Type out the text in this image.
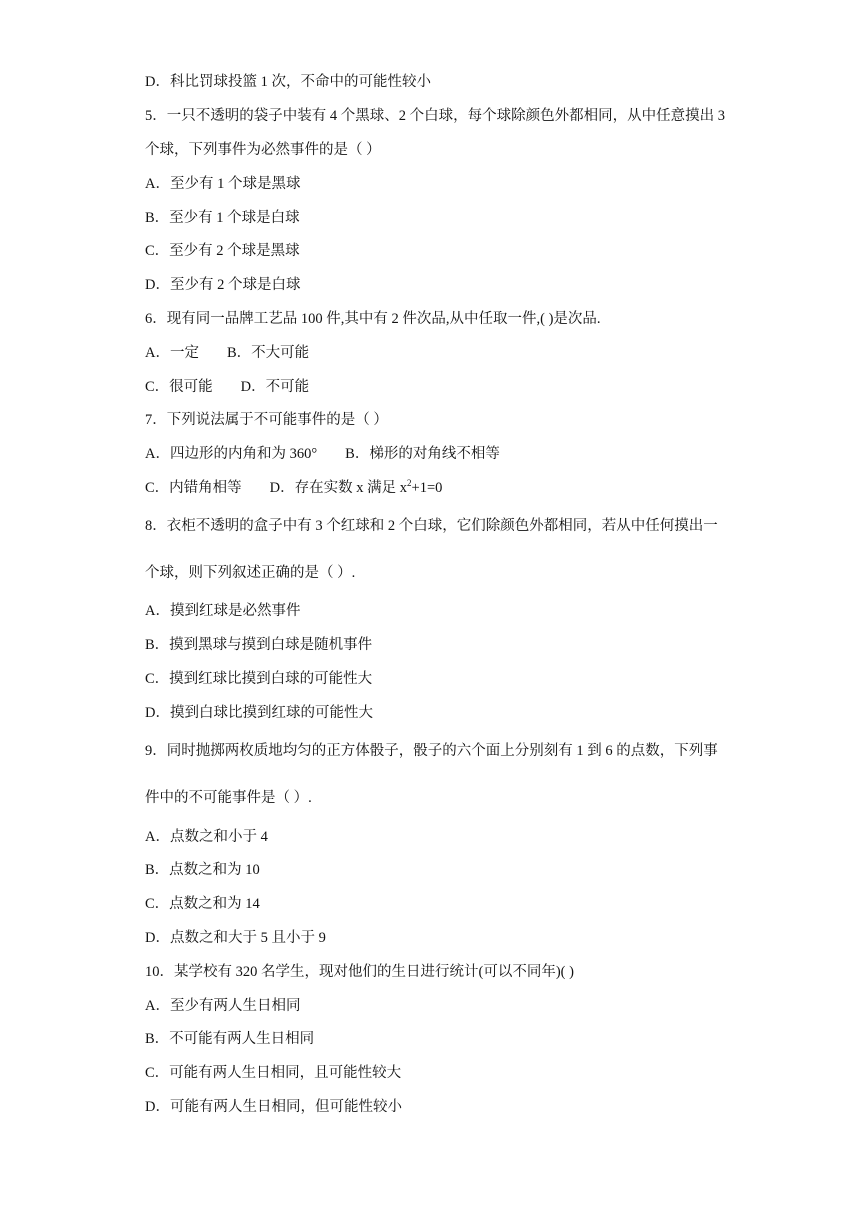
D．科比罚球投篮 1 次，不命中的可能性较小
5．一只不透明的袋子中装有 4 个黑球、2 个白球，每个球除颜色外都相同，从中任意摸出 3
个球，下列事件为必然事件的是（ ）
A．至少有 1 个球是黑球
B．至少有 1 个球是白球
C．至少有 2 个球是黑球
D．至少有 2 个球是白球
6．现有同一品牌工艺品 100 件,其中有 2 件次品,从中任取一件,( )是次品.
A．一定 B．不大可能
C．很可能 D．不可能
7．下列说法属于不可能事件的是（ ）
A．四边形的内角和为 360° B．梯形的对角线不相等
C．内错角相等 D．存在实数 x 满足 $x^2+1=0$
8．衣柜不透明的盒子中有 3 个红球和 2 个白球，它们除颜色外都相同，若从中任何摸出一
个球，则下列叙述正确的是（ ）.
A．摸到红球是必然事件
B．摸到黑球与摸到白球是随机事件
C．摸到红球比摸到白球的可能性大
D．摸到白球比摸到红球的可能性大
9．同时抛掷两枚质地均匀的正方体骰子，骰子的六个面上分别刻有 1 到 6 的点数，下列事
件中的不可能事件是（ ）.
A．点数之和小于 4
B．点数之和为 10
C．点数之和为 14
D．点数之和大于 5 且小于 9
10．某学校有 320 名学生，现对他们的生日进行统计(可以不同年)( )
A．至少有两人生日相同
B．不可能有两人生日相同
C．可能有两人生日相同，且可能性较大
D．可能有两人生日相同，但可能性较小
